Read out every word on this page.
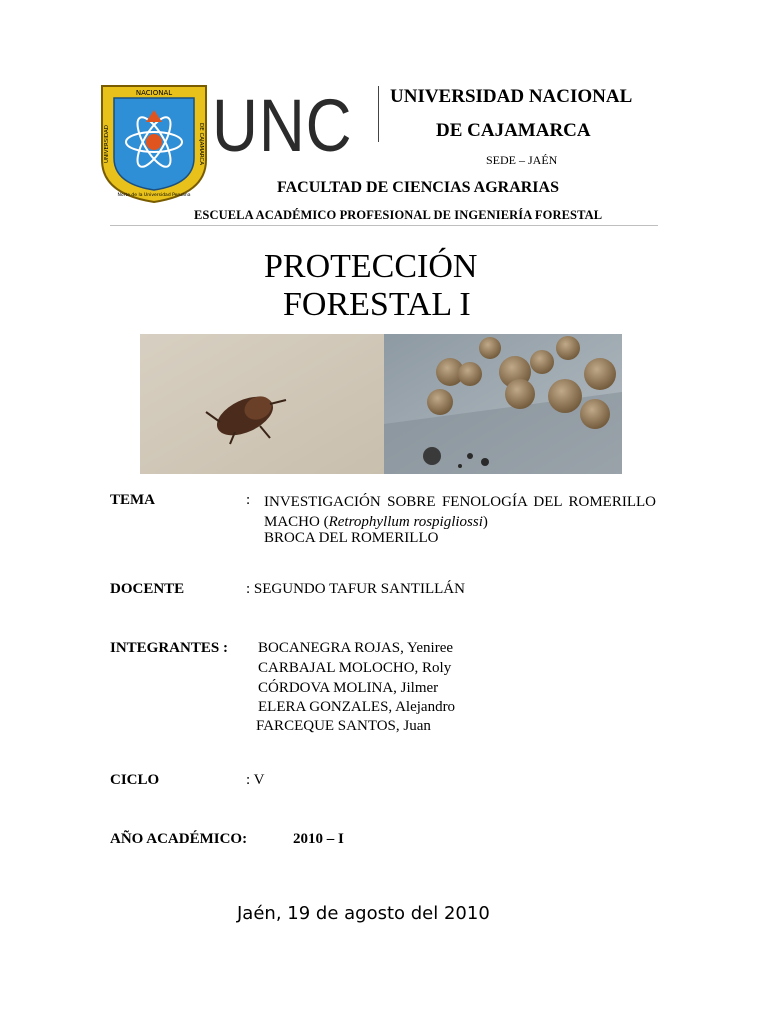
NACIONAL
UNIVERSIDAD	DE CAJAMARCA
Norte de la Universidad Peruana
UNC UNIVERSIDAD NACIONAL
DE CAJAMARCA
SEDE – JAÉN
FACULTAD DE CIENCIAS AGRARIAS
ESCUELA ACADÉMICO PROFESIONAL DE INGENIERÍA FORESTAL
PROTECCIÓN
FORESTAL I
TEMA	: INVESTIGACIÓN SOBRE FENOLOGÍA DEL ROMERILLO MACHO (Retrophyllum rospigliossi)
BROCA DEL ROMERILLO
DOCENTE	: SEGUNDO TAFUR SANTILLÁN
INTEGRANTES : BOCANEGRA ROJAS, Yeniree
CARBAJAL MOLOCHO, Roly
CÓRDOVA MOLINA, Jilmer
ELERA GONZALES, Alejandro
FARCEQUE SANTOS, Juan
CICLO	: V
AÑO ACADÉMICO:	2010 – I
Jaén, 19 de agosto del 2010
